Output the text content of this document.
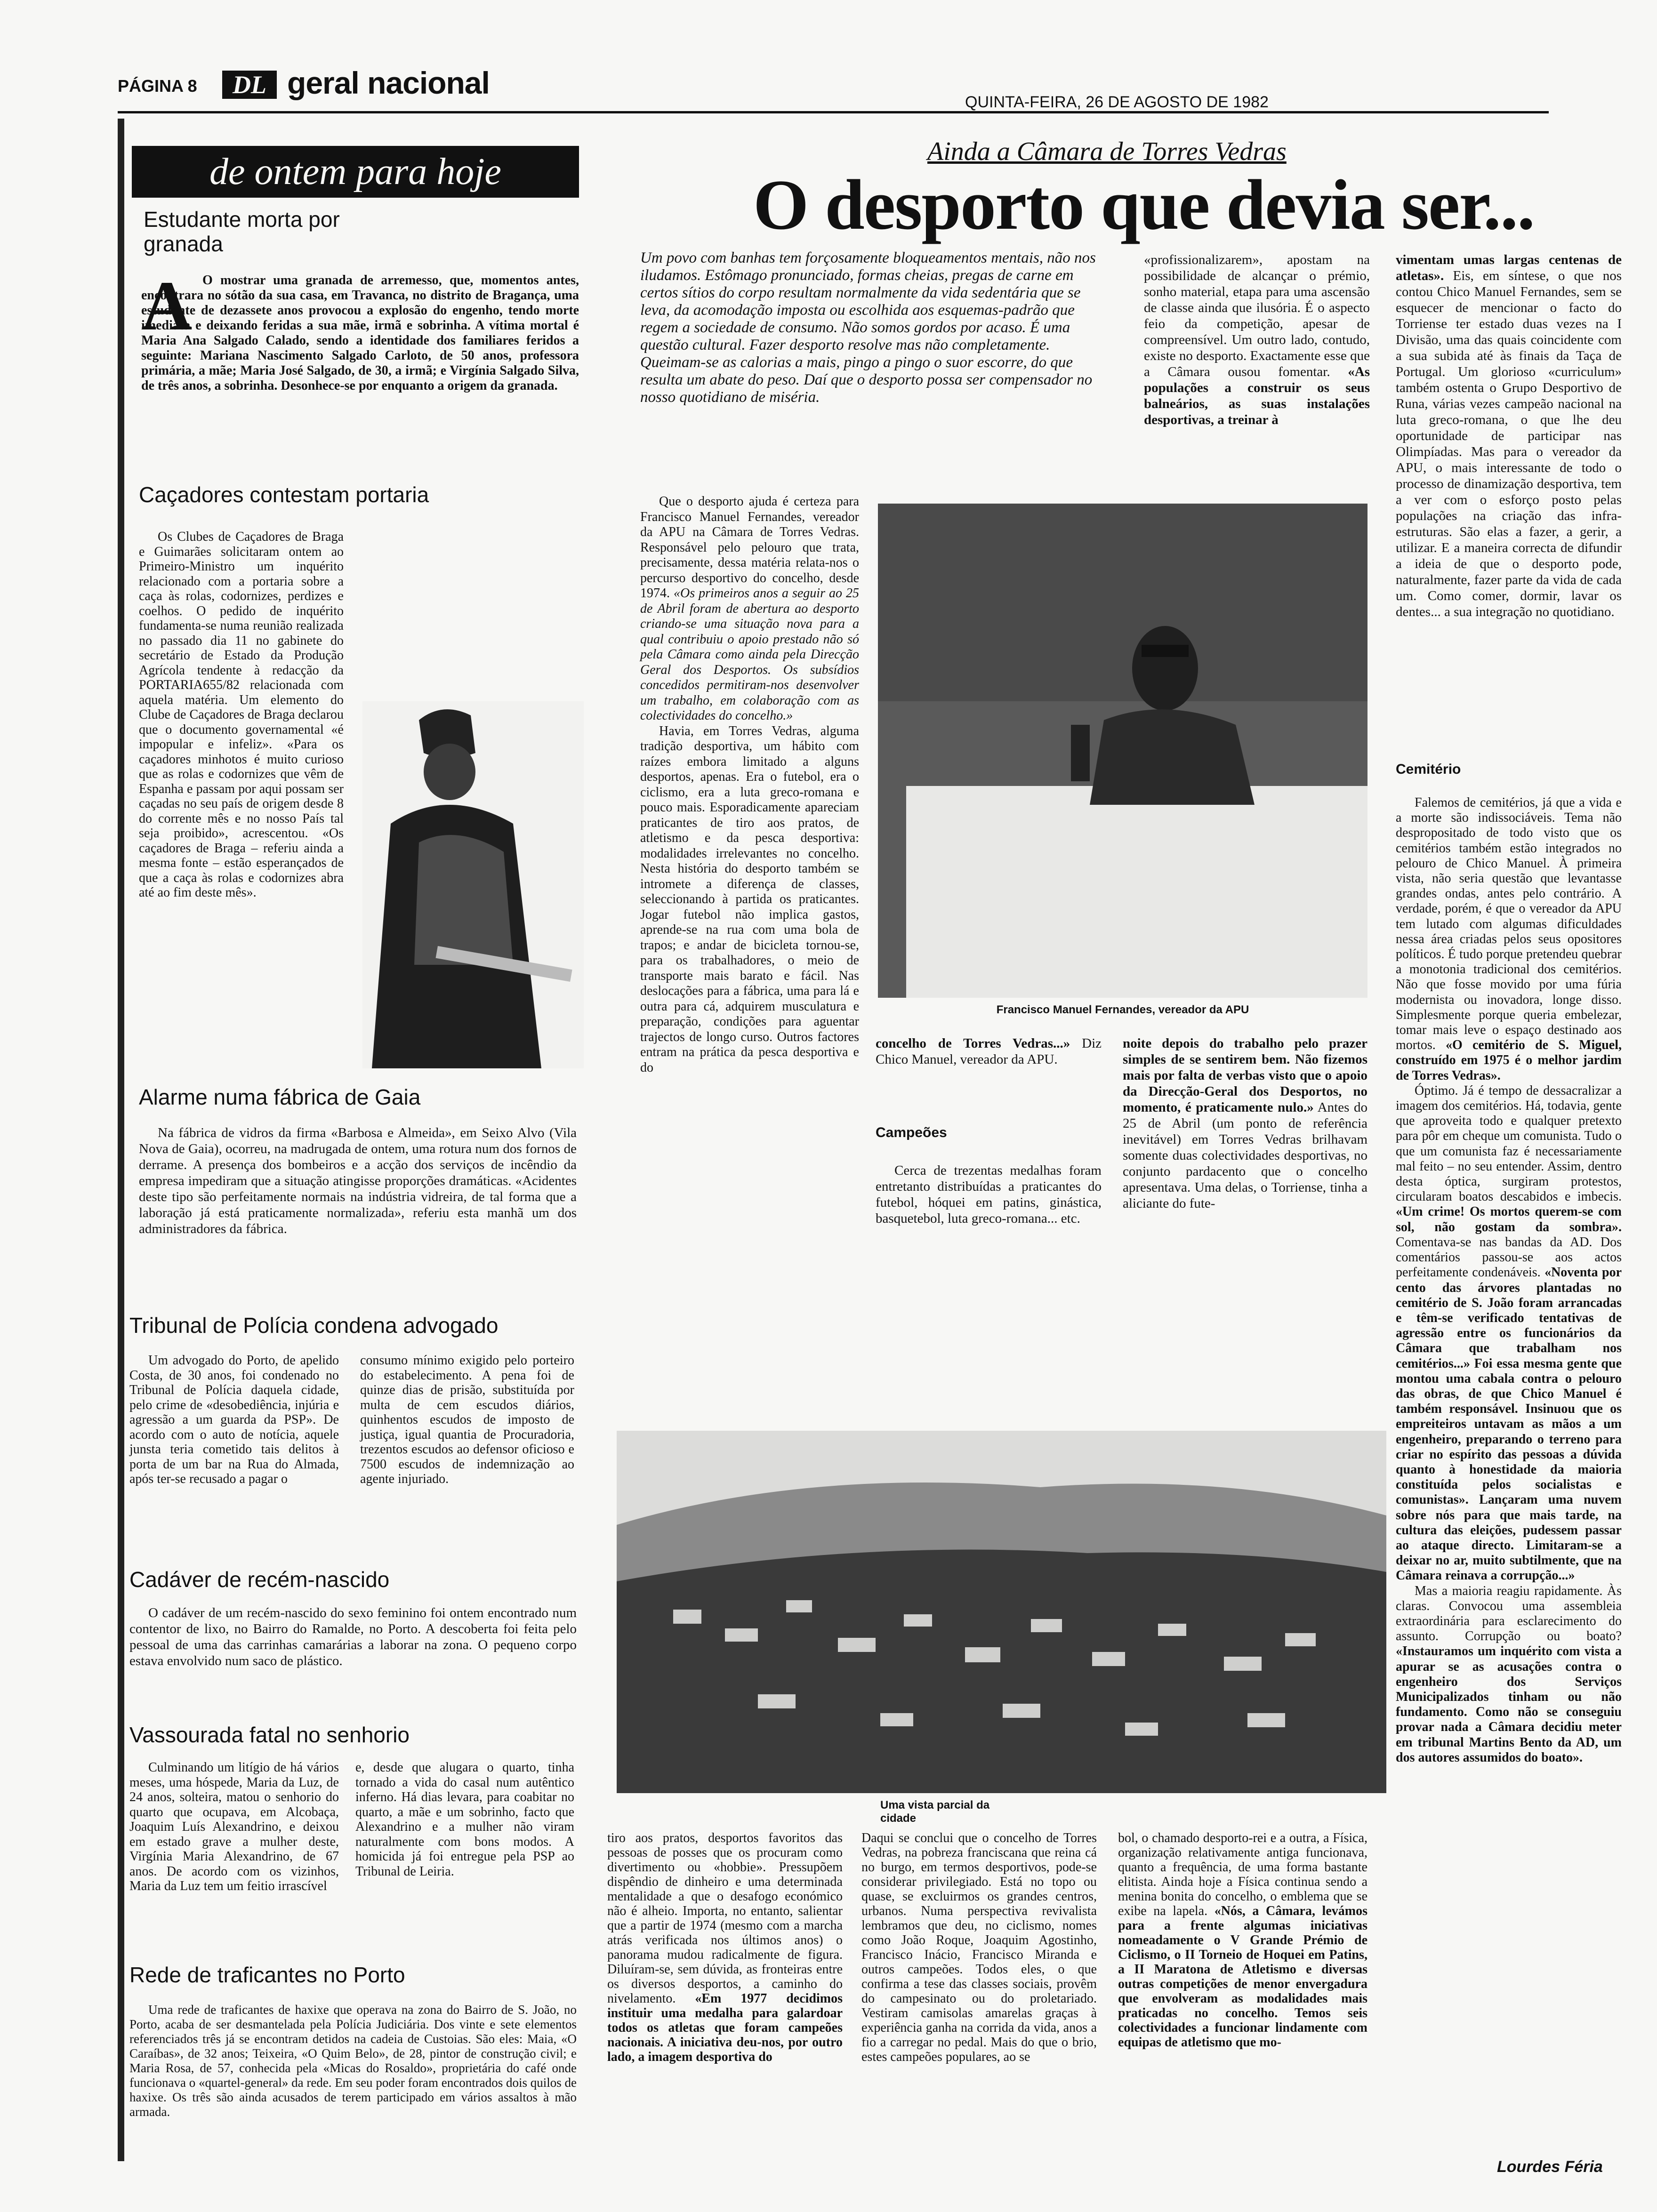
PÁGINA 8 DL geral nacional
QUINTA-FEIRA, 26 DE AGOSTO DE 1982
de ontem para hoje
Estudante morta por granada
A O mostrar uma granada de arremesso, que, momentos antes, encontrara no sótão da sua casa, em Travanca, no distrito de Bragança, uma estudante de dezassete anos provocou a explosão do engenho, tendo morte imediata e deixando feridas a sua mãe, irmã e sobrinha. A vítima mortal é Maria Ana Salgado Calado, sendo a identidade dos familiares feridos a seguinte: Mariana Nascimento Salgado Carloto, de 50 anos, professora primária, a mãe; Maria José Salgado, de 30, a irmã; e Virgínia Salgado Silva, de três anos, a sobrinha. Desonhece-se por enquanto a origem da granada.
Caçadores contestam portaria

Os Clubes de Caçadores de Braga e Guimarães solicitaram ontem ao Primeiro-Ministro um inquérito relacionado com a portaria sobre a caça às rolas, codornizes, perdizes e coelhos. O pedido de inquérito fundamenta-se numa reunião realizada no passado dia 11 no gabinete do secretário de Estado da Produção Agrícola tendente à redacção da PORTARIA655/82 relacionada com aquela matéria. Um elemento do Clube de Caçadores de Braga declarou que o documento governamental «é impopular e infeliz». «Para os caçadores minhotos é muito curioso que as rolas e codornizes que vêm de Espanha e passam por aqui possam ser caçadas no seu país de origem desde 8 do corrente mês e no nosso País tal seja proibido», acrescentou. «Os caçadores de Braga – referiu ainda a mesma fonte – estão esperançados de que a caça às rolas e codornizes abra até ao fim deste mês».

Alarme numa fábrica de Gaia

Na fábrica de vidros da firma «Barbosa e Almeida», em Seixo Alvo (Vila Nova de Gaia), ocorreu, na madrugada de ontem, uma rotura num dos fornos de derrame. A presença dos bombeiros e a acção dos serviços de incêndio da empresa impediram que a situação atingisse proporções dramáticas. «Acidentes deste tipo são perfeitamente normais na indústria vidreira, de tal forma que a laboração já está praticamente normalizada», referiu esta manhã um dos administradores da fábrica.

Tribunal de Polícia condena advogado

Um advogado do Porto, de apelido Costa, de 30 anos, foi condenado no Tribunal de Polícia daquela cidade, pelo crime de «desobediência, injúria e agressão a um guarda da PSP». De acordo com o auto de notícia, aquele junsta teria cometido tais delitos à porta de um bar na Rua do Almada, após ter-se recusado a pagar o

consumo mínimo exigido pelo porteiro do estabelecimento. A pena foi de quinze dias de prisão, substituída por multa de cem escudos diários, quinhentos escudos de imposto de justiça, igual quantia de Procuradoria, trezentos escudos ao defensor oficioso e 7500 escudos de indemnização ao agente injuriado.
Cadáver de recém-nascido

O cadáver de um recém-nascido do sexo feminino foi ontem encontrado num contentor de lixo, no Bairro do Ramalde, no Porto. A descoberta foi feita pelo pessoal de uma das carrinhas camarárias a laborar na zona. O pequeno corpo estava envolvido num saco de plástico.

Vassourada fatal no senhorio

Culminando um litígio de há vários meses, uma hóspede, Maria da Luz, de 24 anos, solteira, matou o senhorio do quarto que ocupava, em Alcobaça, Joaquim Luís Alexandrino, e deixou em estado grave a mulher deste, Virgínia Maria Alexandrino, de 67 anos. De acordo com os vizinhos, Maria da Luz tem um feitio irrascível

e, desde que alugara o quarto, tinha tornado a vida do casal num autêntico inferno. Há dias levara, para coabitar no quarto, a mãe e um sobrinho, facto que Alexandrino e a mulher não viram naturalmente com bons modos. A homicida já foi entregue pela PSP ao Tribunal de Leiria.
Rede de traficantes no Porto

Uma rede de traficantes de haxixe que operava na zona do Bairro de S. João, no Porto, acaba de ser desmantelada pela Polícia Judiciária. Dos vinte e sete elementos referenciados três já se encontram detidos na cadeia de Custoias. São eles: Maia, «O Caraíbas», de 32 anos; Teixeira, «O Quim Belo», de 28, pintor de construção civil; e Maria Rosa, de 57, conhecida pela «Micas do Rosaldo», proprietária do café onde funcionava o «quartel-general» da rede. Em seu poder foram encontrados dois quilos de haxixe. Os três são ainda acusados de terem participado em vários assaltos à mão armada.

Ainda a Câmara de Torres Vedras
O desporto que devia ser...
Um povo com banhas tem forçosamente bloqueamentos mentais, não nos iludamos. Estômago pronunciado, formas cheias, pregas de carne em certos sítios do corpo resultam normalmente da vida sedentária que se leva, da acomodação imposta ou escolhida aos esquemas-padrão que regem a sociedade de consumo. Não somos gordos por acaso. É uma questão cultural. Fazer desporto resolve mas não completamente. Queimam-se as calorias a mais, pingo a pingo o suor escorre, do que resulta um abate do peso. Daí que o desporto possa ser compensador no nosso quotidiano de miséria.
«profissionalizarem», apostam na possibilidade de alcançar o prémio, sonho material, etapa para uma ascensão de classe ainda que ilusória. É o aspecto feio da competição, apesar de compreensível. Um outro lado, contudo, existe no desporto. Exactamente esse que a Câmara ousou fomentar. «As populações a construir os seus balneários, as suas instalações desportivas, a treinar à
vimentam umas largas centenas de atletas». Eis, em síntese, o que nos contou Chico Manuel Fernandes, sem se esquecer de mencionar o facto do Torriense ter estado duas vezes na I Divisão, uma das quais coincidente com a sua subida até às finais da Taça de Portugal. Um glorioso «curriculum» também ostenta o Grupo Desportivo de Runa, várias vezes campeão nacional na luta greco-romana, o que lhe deu oportunidade de participar nas Olimpíadas. Mas para o vereador da APU, o mais interessante de todo o processo de dinamização desportiva, tem a ver com o esforço posto pelas populações na criação das infra-estruturas. São elas a fazer, a gerir, a utilizar. E a maneira correcta de difundir a ideia de que o desporto pode, naturalmente, fazer parte da vida de cada um. Como comer, dormir, lavar os dentes... a sua integração no quotidiano.

Que o desporto ajuda é certeza para Francisco Manuel Fernandes, vereador da APU na Câmara de Torres Vedras. Responsável pelo pelouro que trata, precisamente, dessa matéria relata-nos o percurso desportivo do concelho, desde 1974. «Os primeiros anos a seguir ao 25 de Abril foram de abertura ao desporto criando-se uma situação nova para a qual contribuiu o apoio prestado não só pela Câmara como ainda pela Direcção Geral dos Desportos. Os subsídios concedidos permitiram-nos desenvolver um trabalho, em colaboração com as colectividades do concelho.»

Havia, em Torres Vedras, alguma tradição desportiva, um hábito com raízes embora limitado a alguns desportos, apenas. Era o futebol, era o ciclismo, era a luta greco-romana e pouco mais. Esporadicamente apareciam praticantes de tiro aos pratos, de atletismo e da pesca desportiva: modalidades irrelevantes no concelho. Nesta história do desporto também se intromete a diferença de classes, seleccionando à partida os praticantes. Jogar futebol não implica gastos, aprende-se na rua com uma bola de trapos; e andar de bicicleta tornou-se, para os trabalhadores, o meio de transporte mais barato e fácil. Nas deslocações para a fábrica, uma para lá e outra para cá, adquirem musculatura e preparação, condições para aguentar trajectos de longo curso. Outros factores entram na prática da pesca desportiva e do

Francisco Manuel Fernandes, vereador da APU
concelho de Torres Vedras...» Diz Chico Manuel, vereador da APU.
Campeões

Cerca de trezentas medalhas foram entretanto distribuídas a praticantes do futebol, hóquei em patins, ginástica, basquetebol, luta greco-romana... etc.

noite depois do trabalho pelo prazer simples de se sentirem bem. Não fizemos mais por falta de verbas visto que o apoio da Direcção-Geral dos Desportos, no momento, é praticamente nulo.» Antes do 25 de Abril (um ponto de referência inevitável) em Torres Vedras brilhavam somente duas colectividades desportivas, no conjunto pardacento que o concelho apresentava. Uma delas, o Torriense, tinha a aliciante do fute-
Cemitério

Falemos de cemitérios, já que a vida e a morte são indissociáveis. Tema não despropositado de todo visto que os cemitérios também estão integrados no pelouro de Chico Manuel. À primeira vista, não seria questão que levantasse grandes ondas, antes pelo contrário. A verdade, porém, é que o vereador da APU tem lutado com algumas dificuldades nessa área criadas pelos seus opositores políticos. É tudo porque pretendeu quebrar a monotonia tradicional dos cemitérios. Não que fosse movido por uma fúria modernista ou inovadora, longe disso. Simplesmente porque queria embelezar, tomar mais leve o espaço destinado aos mortos. «O cemitério de S. Miguel, construído em 1975 é o melhor jardim de Torres Vedras».

Óptimo. Já é tempo de dessacralizar a imagem dos cemitérios. Há, todavia, gente que aproveita todo e qualquer pretexto para pôr em cheque um comunista. Tudo o que um comunista faz é necessariamente mal feito – no seu entender. Assim, dentro desta óptica, surgiram protestos, circularam boatos descabidos e imbecis. «Um crime! Os mortos querem-se com sol, não gostam da sombra». Comentava-se nas bandas da AD. Dos comentários passou-se aos actos perfeitamente condenáveis. «Noventa por cento das árvores plantadas no cemitério de S. João foram arrancadas e têm-se verificado tentativas de agressão entre os funcionários da Câmara que trabalham nos cemitérios...» Foi essa mesma gente que montou uma cabala contra o pelouro das obras, de que Chico Manuel é também responsável. Insinuou que os empreiteiros untavam as mãos a um engenheiro, preparando o terreno para criar no espírito das pessoas a dúvida quanto à honestidade da maioria constituída pelos socialistas e comunistas». Lançaram uma nuvem sobre nós para que mais tarde, na cultura das eleições, pudessem passar ao ataque directo. Limitaram-se a deixar no ar, muito subtilmente, que na Câmara reinava a corrupção...»

Mas a maioria reagiu rapidamente. Às claras. Convocou uma assembleia extraordinária para esclarecimento do assunto. Corrupção ou boato? «Instauramos um inquérito com vista a apurar se as acusações contra o engenheiro dos Serviços Municipalizados tinham ou não fundamento. Como não se conseguiu provar nada a Câmara decidiu meter em tribunal Martins Bento da AD, um dos autores assumidos do boato».

Uma vista parcial da cidade
tiro aos pratos, desportos favoritos das pessoas de posses que os procuram como divertimento ou «hobbie». Pressupõem dispêndio de dinheiro e uma determinada mentalidade a que o desafogo económico não é alheio. Importa, no entanto, salientar que a partir de 1974 (mesmo com a marcha atrás verificada nos últimos anos) o panorama mudou radicalmente de figura. Diluíram-se, sem dúvida, as fronteiras entre os diversos desportos, a caminho do nivelamento. «Em 1977 decidimos instituir uma medalha para galardoar todos os atletas que foram campeões nacionais. A iniciativa deu-nos, por outro lado, a imagem desportiva do
Daqui se conclui que o concelho de Torres Vedras, na pobreza franciscana que reina cá no burgo, em termos desportivos, pode-se considerar privilegiado. Está no topo ou quase, se excluirmos os grandes centros, urbanos. Numa perspectiva revivalista lembramos que deu, no ciclismo, nomes como João Roque, Joaquim Agostinho, Francisco Inácio, Francisco Miranda e outros campeões. Todos eles, o que confirma a tese das classes sociais, provêm do campesinato ou do proletariado. Vestiram camisolas amarelas graças à experiência ganha na corrida da vida, anos a fio a carregar no pedal. Mais do que o brio, estes campeões populares, ao se
bol, o chamado desporto-rei e a outra, a Física, organização relativamente antiga funcionava, quanto a frequência, de uma forma bastante elitista. Ainda hoje a Física continua sendo a menina bonita do concelho, o emblema que se exibe na lapela. «Nós, a Câmara, levámos para a frente algumas iniciativas nomeadamente o V Grande Prémio de Ciclismo, o II Torneio de Hoquei em Patins, a II Maratona de Atletismo e diversas outras competições de menor envergadura que envolveram as modalidades mais praticadas no concelho. Temos seis colectividades a funcionar lindamente com equipas de atletismo que mo-
Lourdes Féria
